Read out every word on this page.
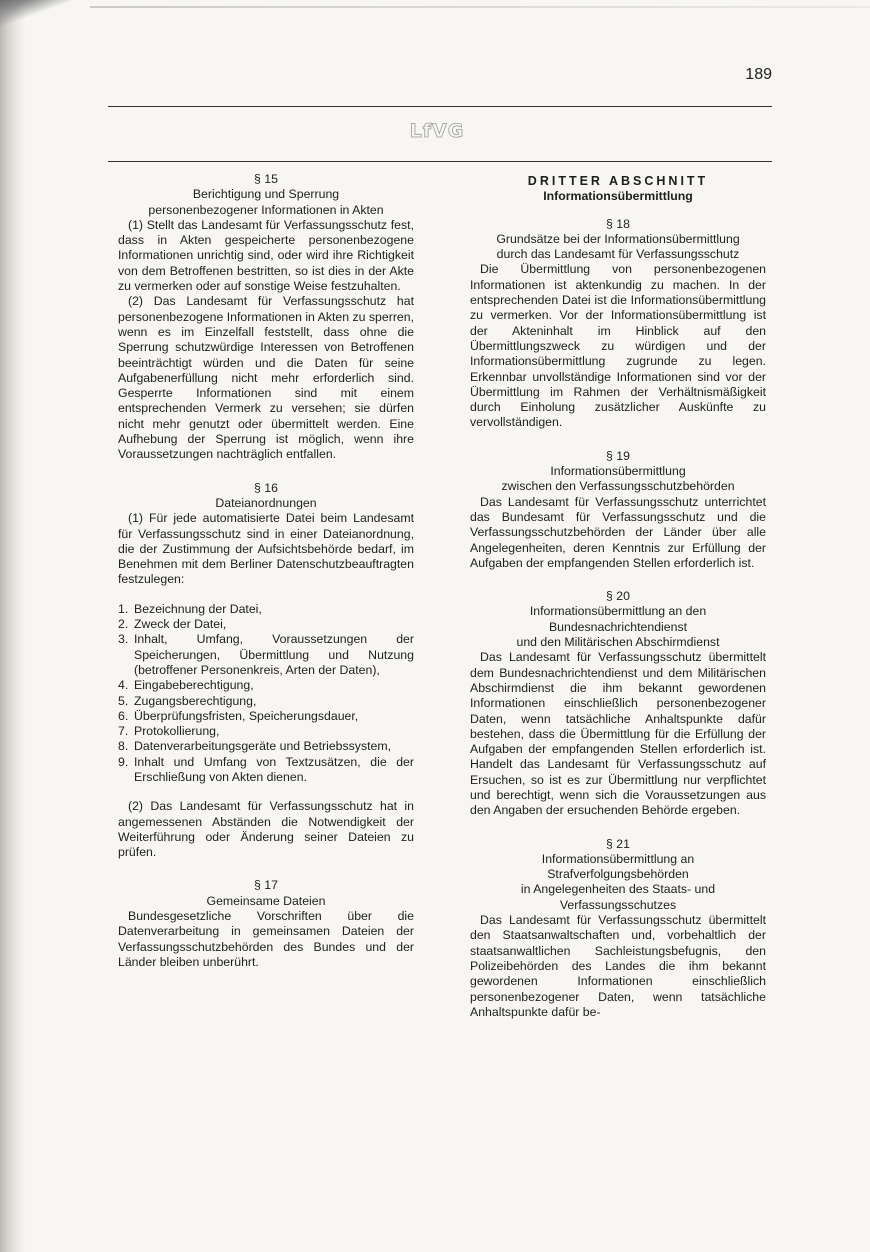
189
LfVG
§ 15
Berichtigung und Sperrung
personenbezogener Informationen in Akten

(1) Stellt das Landesamt für Verfassungsschutz fest, dass in Akten gespeicherte personenbezogene Informationen unrichtig sind, oder wird ihre Richtigkeit von dem Betroffenen bestritten, so ist dies in der Akte zu vermerken oder auf sonstige Weise festzuhalten.

(2) Das Landesamt für Verfassungsschutz hat personenbezogene Informationen in Akten zu sperren, wenn es im Einzelfall feststellt, dass ohne die Sperrung schutzwürdige Interessen von Betroffenen beeinträchtigt würden und die Daten für seine Aufgabenerfüllung nicht mehr erforderlich sind. Gesperrte Informationen sind mit einem entsprechenden Vermerk zu versehen; sie dürfen nicht mehr genutzt oder übermittelt werden. Eine Aufhebung der Sperrung ist möglich, wenn ihre Voraussetzungen nachträglich entfallen.

§ 16
Dateianordnungen

(1) Für jede automatisierte Datei beim Landesamt für Verfassungsschutz sind in einer Dateianordnung, die der Zustimmung der Aufsichtsbehörde bedarf, im Benehmen mit dem Berliner Datenschutzbeauftragten festzulegen:

1. Bezeichnung der Datei,
2. Zweck der Datei,
3. Inhalt, Umfang, Voraussetzungen der Speicherungen, Übermittlung und Nutzung (betroffener Personenkreis, Arten der Daten),
4. Eingabeberechtigung,
5. Zugangsberechtigung,
6. Überprüfungsfristen, Speicherungsdauer,
7. Protokollierung,
8. Datenverarbeitungsgeräte und Betriebssystem,
9. Inhalt und Umfang von Textzusätzen, die der Erschließung von Akten dienen.

(2) Das Landesamt für Verfassungsschutz hat in angemessenen Abständen die Notwendigkeit der Weiterführung oder Änderung seiner Dateien zu prüfen.

§ 17
Gemeinsame Dateien

Bundesgesetzliche Vorschriften über die Datenverarbeitung in gemeinsamen Dateien der Verfassungsschutzbehörden des Bundes und der Länder bleiben unberührt.

DRITTER ABSCHNITT
Informationsübermittlung
§ 18
Grundsätze bei der Informationsübermittlung
durch das Landesamt für Verfassungsschutz

Die Übermittlung von personenbezogenen Informationen ist aktenkundig zu machen. In der entsprechenden Datei ist die Informationsübermittlung zu vermerken. Vor der Informationsübermittlung ist der Akteninhalt im Hinblick auf den Übermittlungszweck zu würdigen und der Informationsübermittlung zugrunde zu legen. Erkennbar unvollständige Informationen sind vor der Übermittlung im Rahmen der Verhältnismäßigkeit durch Einholung zusätzlicher Auskünfte zu vervollständigen.

§ 19
Informationsübermittlung
zwischen den Verfassungsschutzbehörden

Das Landesamt für Verfassungsschutz unterrichtet das Bundesamt für Verfassungsschutz und die Verfassungsschutzbehörden der Länder über alle Angelegenheiten, deren Kenntnis zur Erfüllung der Aufgaben der empfangenden Stellen erforderlich ist.

§ 20
Informationsübermittlung an den
Bundesnachrichtendienst
und den Militärischen Abschirmdienst

Das Landesamt für Verfassungsschutz übermittelt dem Bundesnachrichtendienst und dem Militärischen Abschirmdienst die ihm bekannt gewordenen Informationen einschließlich personenbezogener Daten, wenn tatsächliche Anhaltspunkte dafür bestehen, dass die Übermittlung für die Erfüllung der Aufgaben der empfangenden Stellen erforderlich ist. Handelt das Landesamt für Verfassungsschutz auf Ersuchen, so ist es zur Übermittlung nur verpflichtet und berechtigt, wenn sich die Voraussetzungen aus den Angaben der ersuchenden Behörde ergeben.

§ 21
Informationsübermittlung an
Strafverfolgungsbehörden
in Angelegenheiten des Staats- und
Verfassungsschutzes

Das Landesamt für Verfassungsschutz übermittelt den Staatsanwaltschaften und, vorbehaltlich der staatsanwaltlichen Sachleistungsbefugnis, den Polizeibehörden des Landes die ihm bekannt gewordenen Informationen einschließlich personenbezogener Daten, wenn tatsächliche Anhaltspunkte dafür be-
